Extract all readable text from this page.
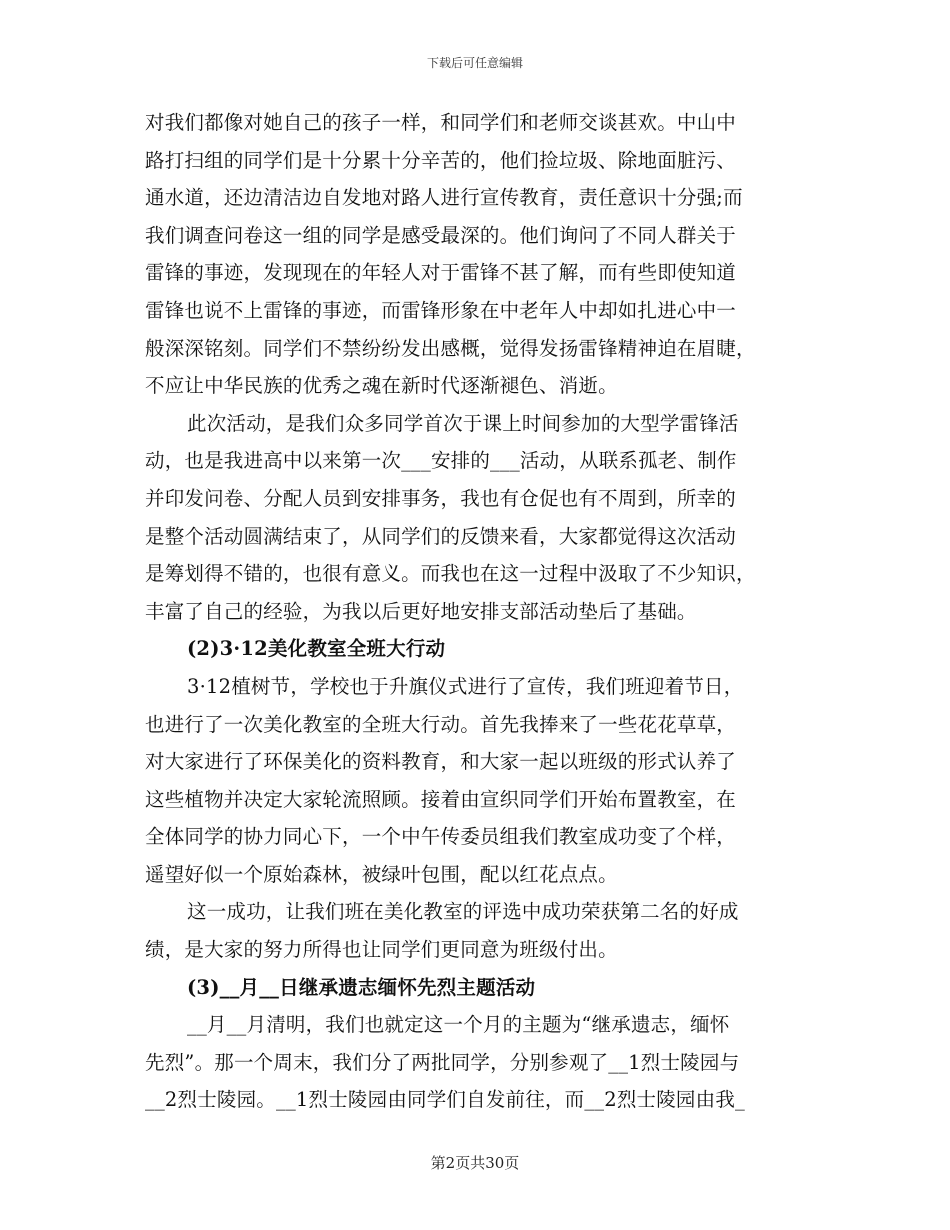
下载后可任意编辑
对我们都像对她自己的孩子一样，和同学们和老师交谈甚欢。中山中
路打扫组的同学们是十分累十分辛苦的，他们捡垃圾、除地面脏污、
通水道，还边清洁边自发地对路人进行宣传教育，责任意识十分强;而
我们调查问卷这一组的同学是感受最深的。他们询问了不同人群关于
雷锋的事迹，发现现在的年轻人对于雷锋不甚了解，而有些即使知道
雷锋也说不上雷锋的事迹，而雷锋形象在中老年人中却如扎进心中一
般深深铭刻。同学们不禁纷纷发出感概，觉得发扬雷锋精神迫在眉睫，
不应让中华民族的优秀之魂在新时代逐渐褪色、消逝。
此次活动，是我们众多同学首次于课上时间参加的大型学雷锋活
动，也是我进高中以来第一次___安排的___活动，从联系孤老、制作
并印发问卷、分配人员到安排事务，我也有仓促也有不周到，所幸的
是整个活动圆满结束了，从同学们的反馈来看，大家都觉得这次活动
是筹划得不错的，也很有意义。而我也在这一过程中汲取了不少知识，
丰富了自己的经验，为我以后更好地安排支部活动垫后了基础。
(2)3·12美化教室全班大行动
3·12植树节，学校也于升旗仪式进行了宣传，我们班迎着节日，
也进行了一次美化教室的全班大行动。首先我捧来了一些花花草草，
对大家进行了环保美化的资料教育，和大家一起以班级的形式认养了
这些植物并决定大家轮流照顾。接着由宣织同学们开始布置教室，在
全体同学的协力同心下，一个中午传委员组我们教室成功变了个样，
遥望好似一个原始森林，被绿叶包围，配以红花点点。
这一成功，让我们班在美化教室的评选中成功荣获第二名的好成
绩，是大家的努力所得也让同学们更同意为班级付出。
(3)__月__日继承遗志缅怀先烈主题活动
__月__月清明，我们也就定这一个月的主题为“继承遗志，缅怀
先烈”。那一个周末，我们分了两批同学，分别参观了__1烈士陵园与
__2烈士陵园。__1烈士陵园由同学们自发前往，而__2烈士陵园由我_
第2页共30页
